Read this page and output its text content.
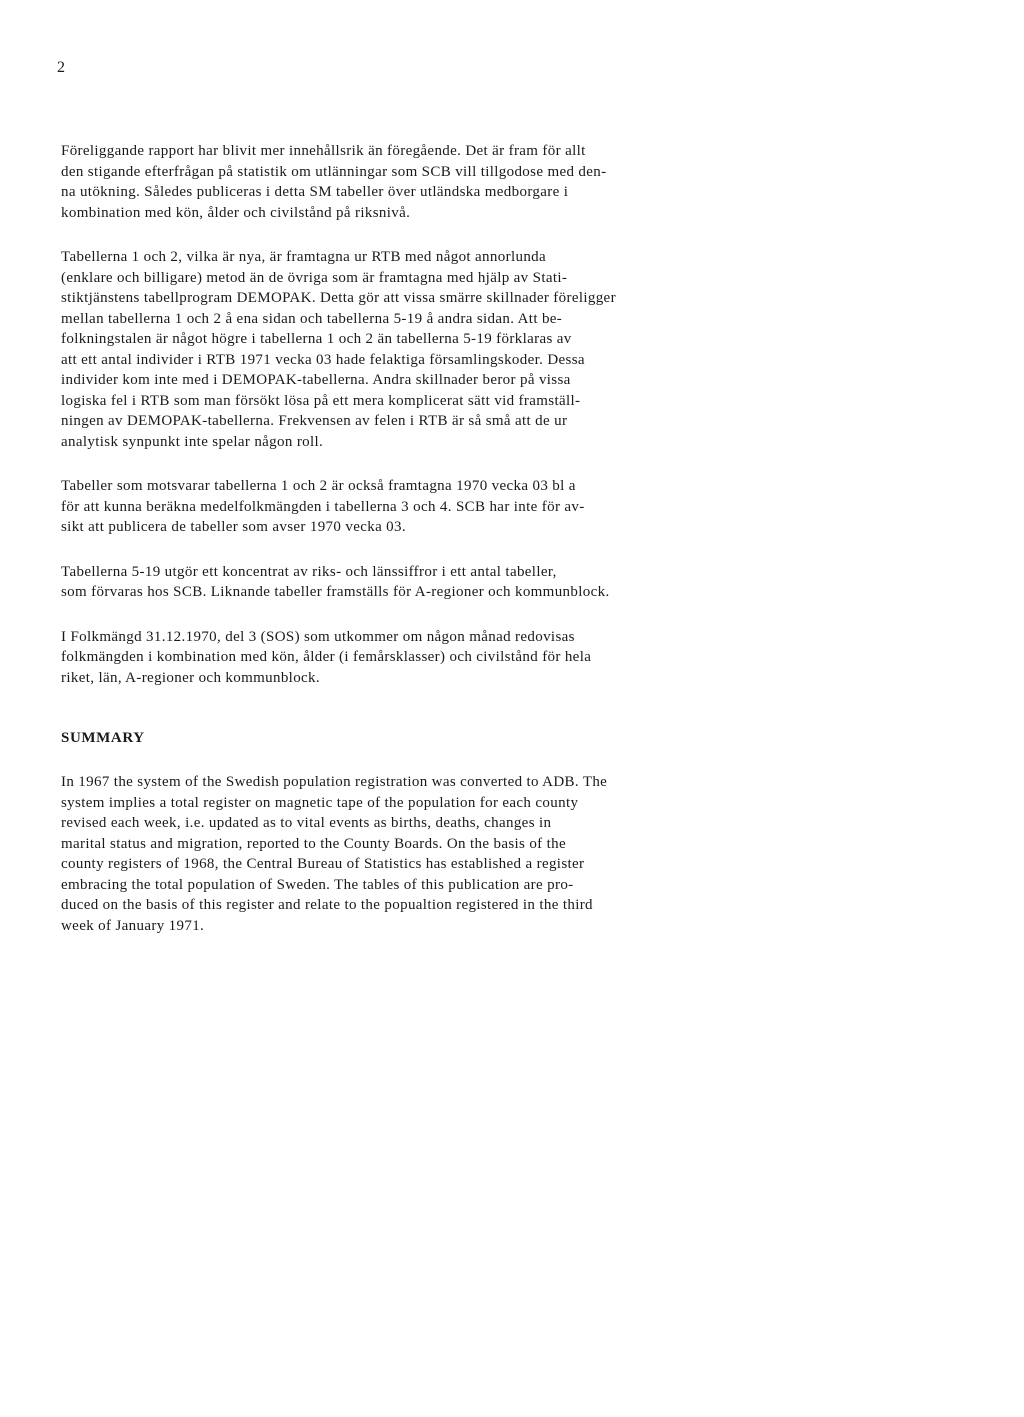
2

Föreliggande rapport har blivit mer innehållsrik än föregående. Det är fram för allt
den stigande efterfrågan på statistik om utlänningar som SCB vill tillgodose med den-
na utökning. Således publiceras i detta SM tabeller över utländska medborgare i
kombination med kön, ålder och civilstånd på riksnivå.

Tabellerna 1 och 2, vilka är nya, är framtagna ur RTB med något annorlunda
(enklare och billigare) metod än de övriga som är framtagna med hjälp av Stati-
stiktjänstens tabellprogram DEMOPAK. Detta gör att vissa smärre skillnader föreligger
mellan tabellerna 1 och 2 å ena sidan och tabellerna 5-19 å andra sidan. Att be-
folkningstalen är något högre i tabellerna 1 och 2 än tabellerna 5-19 förklaras av
att ett antal individer i RTB 1971 vecka 03 hade felaktiga församlingskoder. Dessa
individer kom inte med i DEMOPAK-tabellerna. Andra skillnader beror på vissa
logiska fel i RTB som man försökt lösa på ett mera komplicerat sätt vid framställ-
ningen av DEMOPAK-tabellerna. Frekvensen av felen i RTB är så små att de ur
analytisk synpunkt inte spelar någon roll.

Tabeller som motsvarar tabellerna 1 och 2 är också framtagna 1970 vecka 03 bl a
för att kunna beräkna medelfolkmängden i tabellerna 3 och 4. SCB har inte för av-
sikt att publicera de tabeller som avser 1970 vecka 03.

Tabellerna 5-19 utgör ett koncentrat av riks- och länssiffror i ett antal tabeller,
som förvaras hos SCB. Liknande tabeller framställs för A-regioner och kommunblock.

I Folkmängd 31.12.1970, del 3 (SOS) som utkommer om någon månad redovisas
folkmängden i kombination med kön, ålder (i femårsklasser) och civilstånd för hela
riket, län, A-regioner och kommunblock.

SUMMARY

In 1967 the system of the Swedish population registration was converted to ADB. The
system implies a total register on magnetic tape of the population for each county
revised each week, i.e. updated as to vital events as births, deaths, changes in
marital status and migration, reported to the County Boards. On the basis of the
county registers of 1968, the Central Bureau of Statistics has established a register
embracing the total population of Sweden. The tables of this publication are pro-
duced on the basis of this register and relate to the popualtion registered in the third
week of January 1971.
